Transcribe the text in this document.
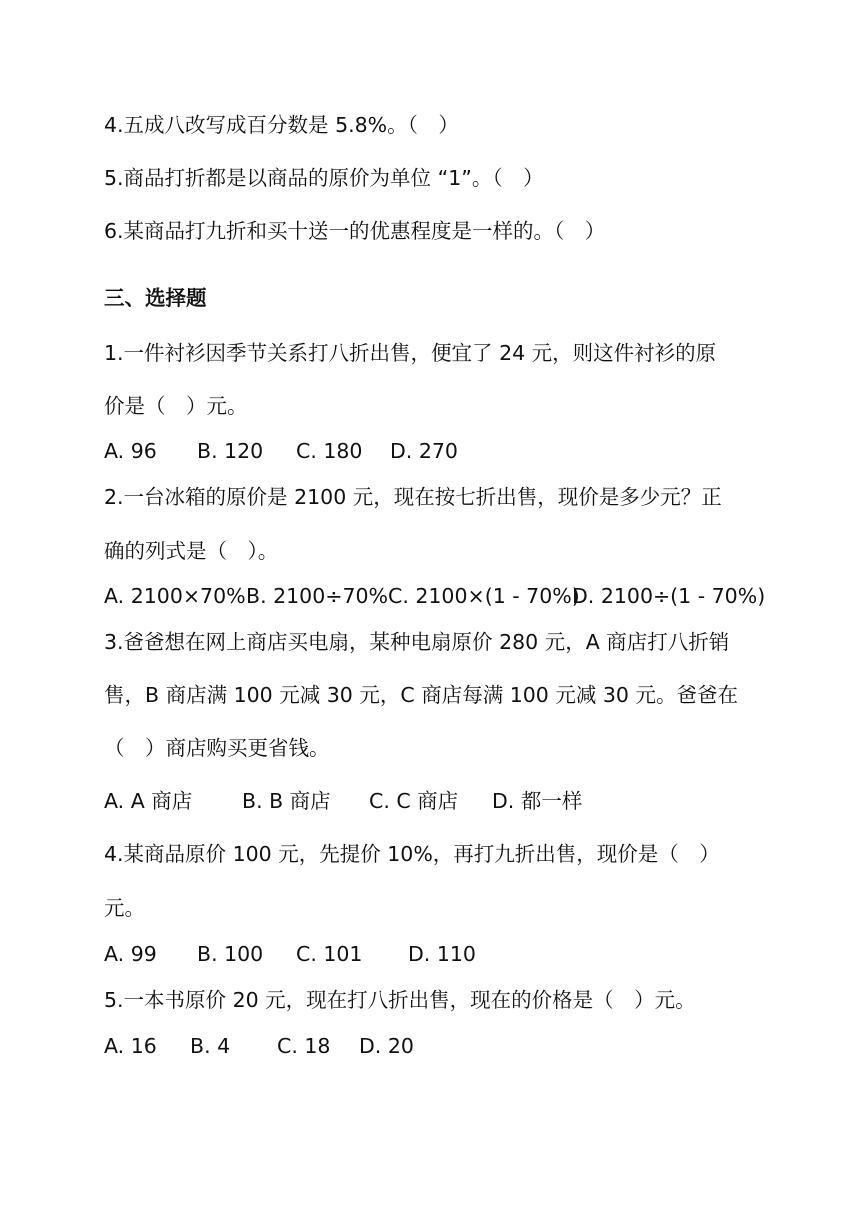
4.五成八改写成百分数是 5.8%。（　）
5.商品打折都是以商品的原价为单位 “1”。（　）
6.某商品打九折和买十送一的优惠程度是一样的。（　）
三、选择题
1.一件衬衫因季节关系打八折出售，便宜了 24 元，则这件衬衫的原
价是（　）元。
A. 96	B. 120	C. 180	D. 270
2.一台冰箱的原价是 2100 元，现在按七折出售，现价是多少元？正
确的列式是（　）。
A. 2100×70% B. 2100÷70% C. 2100×(1 - 70%)
D. 2100÷(1 - 70%)
3.爸爸想在网上商店买电扇，某种电扇原价 280 元，A 商店打八折销
售，B 商店满 100 元减 30 元，C 商店每满 100 元减 30 元。爸爸在
（　）商店购买更省钱。
A. A 商店	B. B 商店	C. C 商店	D. 都一样
4.某商品原价 100 元，先提价 10%，再打九折出售，现价是（　）
元。
A. 99	B. 100	C. 101	D. 110
5.一本书原价 20 元，现在打八折出售，现在的价格是（　）元。
A. 16	B. 4	C. 18	D. 20
